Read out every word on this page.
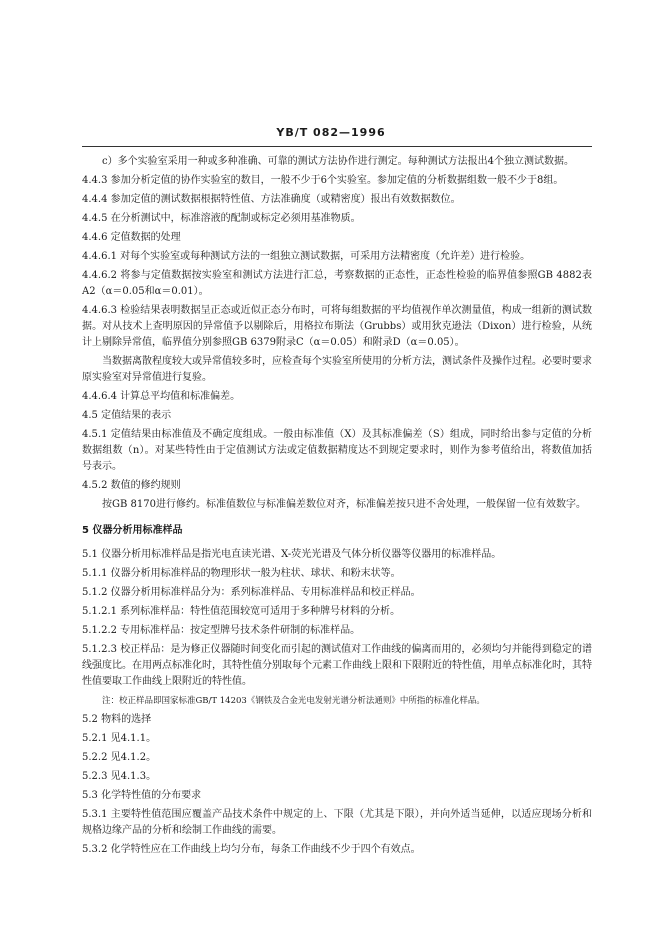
YB/T 082—1996

c）多个实验室采用一种或多种准确、可靠的测试方法协作进行测定。每种测试方法报出4个独立测试数据。

4.4.3 参加分析定值的协作实验室的数目，一般不少于6个实验室。参加定值的分析数据组数一般不少于8组。

4.4.4 参加定值的测试数据根据特性值、方法准确度（或精密度）报出有效数据数位。

4.4.5 在分析测试中，标准溶液的配制或标定必须用基准物质。

4.4.6 定值数据的处理

4.4.6.1 对每个实验室或每种测试方法的一组独立测试数据，可采用方法精密度（允许差）进行检验。

4.4.6.2 将参与定值数据按实验室和测试方法进行汇总，考察数据的正态性，正态性检验的临界值参照GB 4882表A2（α＝0.05和α＝0.01）。

4.4.6.3 检验结果表明数据呈正态或近似正态分布时，可将每组数据的平均值视作单次测量值，构成一组新的测试数据。对从技术上查明原因的异常值予以剔除后，用格拉布斯法（Grubbs）或用狄克逊法（Dixon）进行检验，从统计上剔除异常值，临界值分别参照GB 6379附录C（α＝0.05）和附录D（α＝0.05）。

当数据离散程度较大或异常值较多时，应检查每个实验室所使用的分析方法，测试条件及操作过程。必要时要求原实验室对异常值进行复验。

4.4.6.4 计算总平均值和标准偏差。

4.5 定值结果的表示

4.5.1 定值结果由标准值及不确定度组成。一般由标准值（X）及其标准偏差（S）组成，同时给出参与定值的分析数据组数（n）。对某些特性由于定值测试方法或定值数据精度达不到规定要求时，则作为参考值给出，将数值加括号表示。

4.5.2 数值的修约规则

按GB 8170进行修约。标准值数位与标准偏差数位对齐，标准偏差按只进不舍处理，一般保留一位有效数字。

5 仪器分析用标准样品

5.1 仪器分析用标准样品是指光电直读光谱、X-荧光光谱及气体分析仪器等仪器用的标准样品。

5.1.1 仪器分析用标准样品的物理形状一般为柱状、球状、和粉末状等。

5.1.2 仪器分析用标准样品分为：系列标准样品、专用标准样品和校正样品。

5.1.2.1 系列标准样品：特性值范围较宽可适用于多种牌号材料的分析。

5.1.2.2 专用标准样品：按定型牌号技术条件研制的标准样品。

5.1.2.3 校正样品：是为修正仪器随时间变化而引起的测试值对工作曲线的偏离而用的，必须均匀并能得到稳定的谱线强度比。在用两点标准化时，其特性值分别取每个元素工作曲线上限和下限附近的特性值，用单点标准化时，其特性值要取工作曲线上限附近的特性值。

注：校正样品即国家标准GB/T 14203《钢铁及合金光电发射光谱分析法通则》中所指的标准化样品。

5.2 物料的选择

5.2.1 见4.1.1。

5.2.2 见4.1.2。

5.2.3 见4.1.3。

5.3 化学特性值的分布要求

5.3.1 主要特性值范围应覆盖产品技术条件中规定的上、下限（尤其是下限），并向外适当延伸，以适应现场分析和规格边缘产品的分析和绘制工作曲线的需要。

5.3.2 化学特性应在工作曲线上均匀分布，每条工作曲线不少于四个有效点。
